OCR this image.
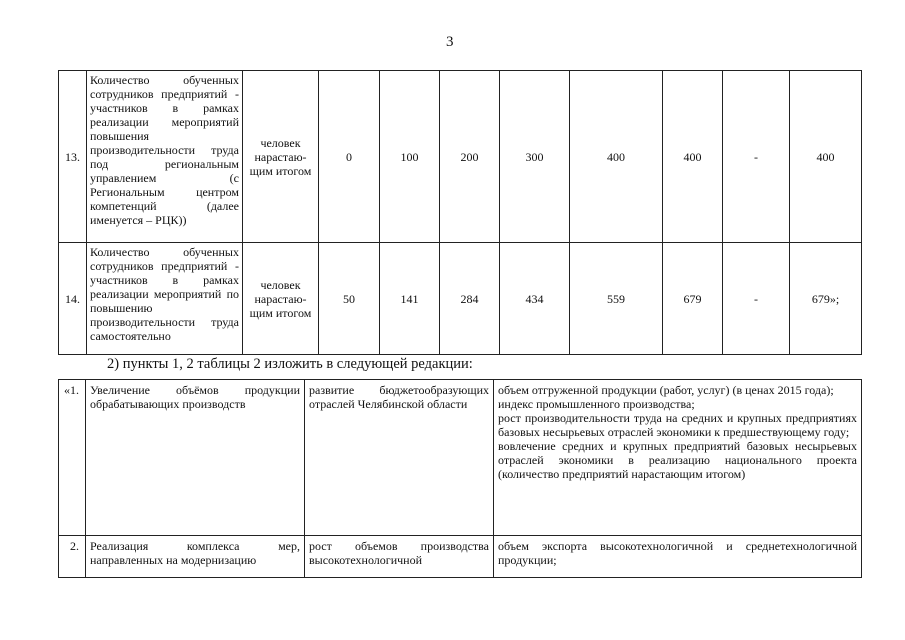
3
13.	Количество обученных сотрудников предприятий - участников в рамках реализации мероприятий повышения производительности труда под региональным управлением (с Региональным центром компетенций (далее именуется – РЦК))	человек нарастаю-щим итогом	0	100	200	300	400	400	-	400
14.	Количество обученных сотрудников предприятий - участников в рамках реализации мероприятий по повышению производительности труда самостоятельно	человек нарастаю-щим итогом	50	141	284	434	559	679	-	679»;
2) пункты 1, 2 таблицы 2 изложить в следующей редакции:
«1.	Увеличение объёмов продукции обрабатывающих производств	развитие бюджетообразующих отраслей Челябинской области	объем отгруженной продукции (работ, услуг) (в ценах 2015 года);
индекс промышленного производства;
рост производительности труда на средних и крупных предприятиях базовых несырьевых отраслей экономики к предшествующему году;
вовлечение средних и крупных предприятий базовых несырьевых отраслей экономики в реализацию национального проекта (количество предприятий нарастающим итогом)

2.	Реализация комплекса мер, направленных на модернизацию	рост объемов производства высокотехнологичной	объем экспорта высокотехнологичной и среднетехнологичной продукции;
